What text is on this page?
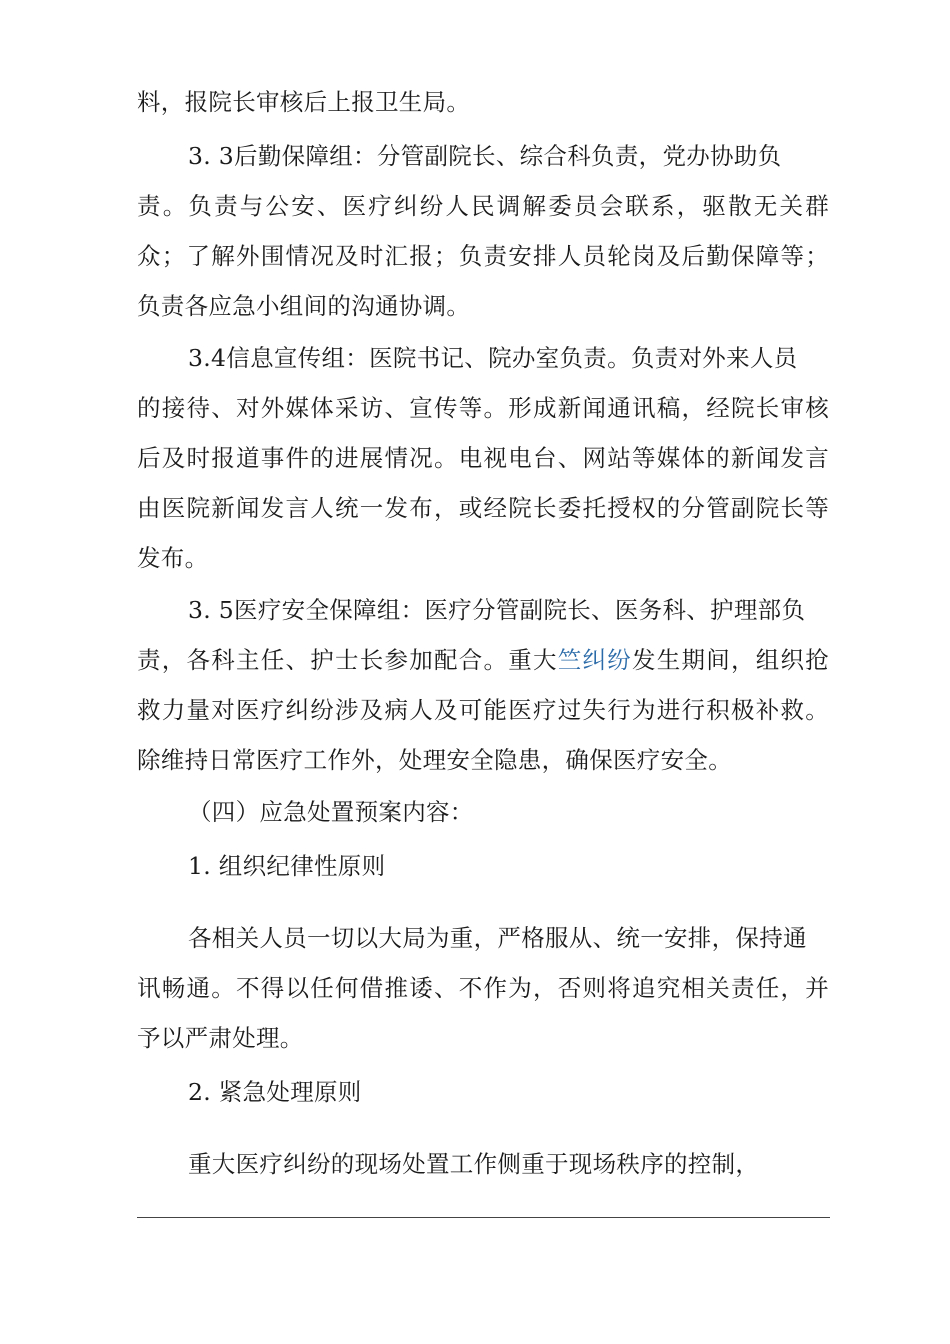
料，报院长审核后上报卫生局。
3. 3后勤保障组：分管副院长、综合科负责，党办协助负
责。负责与公安、医疗纠纷人民调解委员会联系，驱散无关群
众；了解外围情况及时汇报；负责安排人员轮岗及后勤保障等；
负责各应急小组间的沟通协调。
3.4信息宣传组：医院书记、院办室负责。负责对外来人员
的接待、对外媒体采访、宣传等。形成新闻通讯稿，经院长审核
后及时报道事件的进展情况。电视电台、网站等媒体的新闻发言
由医院新闻发言人统一发布，或经院长委托授权的分管副院长等
发布。
3. 5医疗安全保障组：医疗分管副院长、医务科、护理部负
责，各科主任、护士长参加配合。重大竺纠纷发生期间，组织抢
救力量对医疗纠纷涉及病人及可能医疗过失行为进行积极补救。
除维持日常医疗工作外，处理安全隐患，确保医疗安全。
（四）应急处置预案内容：
1. 组织纪律性原则
各相关人员一切以大局为重，严格服从、统一安排，保持通
讯畅通。不得以任何借推诿、不作为，否则将追究相关责任，并
予以严肃处理。
2. 紧急处理原则
重大医疗纠纷的现场处置工作侧重于现场秩序的控制，
